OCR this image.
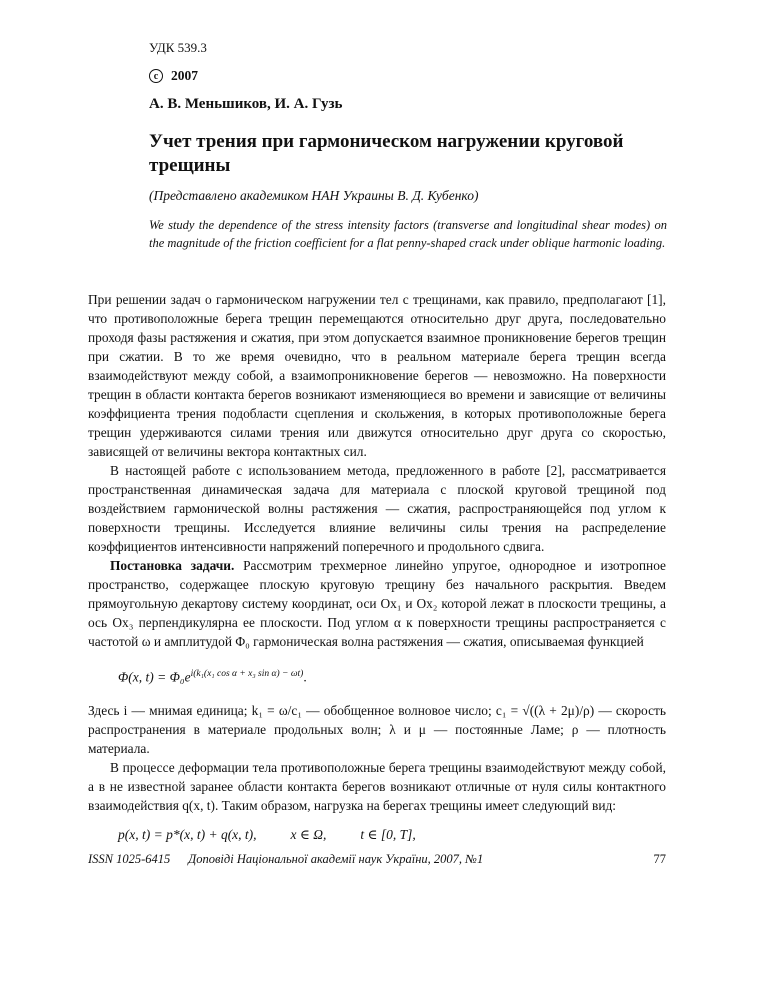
УДК 539.3
c 2007
А. В. Меньшиков, И. А. Гузь
Учет трения при гармоническом нагружении круговой трещины
(Представлено академиком НАН Украины В. Д. Кубенко)
We study the dependence of the stress intensity factors (transverse and longitudinal shear modes) on the magnitude of the friction coefficient for a flat penny-shaped crack under oblique harmonic loading.

При решении задач о гармоническом нагружении тел с трещинами, как правило, предполагают [1], что противоположные берега трещин перемещаются относительно друг друга, последовательно проходя фазы растяжения и сжатия, при этом допускается взаимное проникновение берегов трещин при сжатии. В то же время очевидно, что в реальном материале берега трещин всегда взаимодействуют между собой, а взаимопроникновение берегов — невозможно. На поверхности трещин в области контакта берегов возникают изменяющиеся во времени и зависящие от величины коэффициента трения подобласти сцепления и скольжения, в которых противоположные берега трещин удерживаются силами трения или движутся относительно друг друга со скоростью, зависящей от величины вектора контактных сил.

В настоящей работе с использованием метода, предложенного в работе [2], рассматривается пространственная динамическая задача для материала с плоской круговой трещиной под воздействием гармонической волны растяжения — сжатия, распространяющейся под углом к поверхности трещины. Исследуется влияние величины силы трения на распределение коэффициентов интенсивности напряжений поперечного и продольного сдвига.

Постановка задачи. Рассмотрим трехмерное линейно упругое, однородное и изотропное пространство, содержащее плоскую круговую трещину без начального раскрытия. Введем прямоугольную декартову систему координат, оси Ox₁ и Ox₂ которой лежат в плоскости трещины, а ось Ox₃ перпендикулярна ее плоскости. Под углом α к поверхности трещины распространяется с частотой ω и амплитудой Φ₀ гармоническая волна растяжения — сжатия, описываемая функцией

Φ(x, $t) = \Phi_0e^{i(k_1(x_1 cos \alpha + x_3 sin \alpha) - \omega t)}$.

Здесь i — мнимая единица; k₁ = ω/c₁ — обобщенное волновое число; c₁ = √((λ + 2μ)/ρ) — скорость распространения в материале продольных волн; λ и μ — постоянные Ламе; ρ — плотность материала.

В процессе деформации тела противоположные берега трещины взаимодействуют между собой, а в не известной заранее области контакта берегов возникают отличные от нуля силы контактного взаимодействия q(x, t). Таким образом, нагрузка на берегах трещины имеет следующий вид:

p(x, t) = p*(x, t) + q(x, t),	x ∈ Ω,	t ∈ [0, T],
ISSN 1025-6415 Доповіді Національної академії наук України, 2007, №1	77
